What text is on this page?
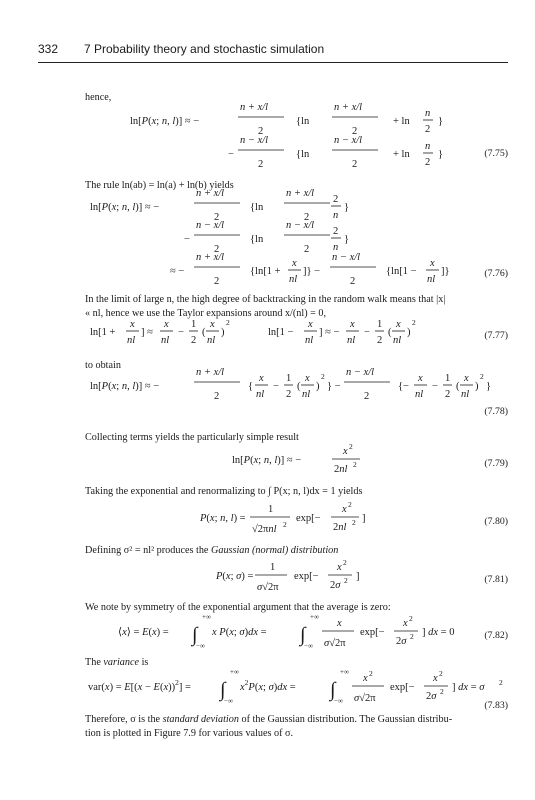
332 7 Probability theory and stochastic simulation
hence,
The rule ln(ab) = ln(a) + ln(b) yields
In the limit of large n, the high degree of backtracking in the random walk means that |x|
« nl, hence we use the Taylor expansions around x/(nl) = 0,
to obtain
Collecting terms yields the particularly simple result
Taking the exponential and renormalizing to ∫ P(x; n, l)dx = 1 yields
Defining σ² = nl² produces the Gaussian (normal) distribution
We note by symmetry of the exponential argument that the average is zero:
The variance is
Therefore, σ is the standard deviation of the Gaussian distribution. The Gaussian distribu-
tion is plotted in Figure 7.9 for various values of σ.
(7.75)
(7.76)
(7.77)
(7.78)
(7.79)
(7.80)
(7.81)
(7.82)
(7.83)
ln[P(x; n, l)] ≈ −
n + x/l
2
{ln
n + x/l
2
+ ln
n
2
}
−
n − x/l
2
{ln
n − x/l
2
+ ln
n
2
}
ln[P(x; n, l)] ≈ −
n + x/l
2
{ln
n + x/l
2
2
n
}
−
n − x/l
2
{ln
n − x/l
2
2
n
}
≈ −
n + x/l
2
{ln[1 +
x
nl
]} −
n − x/l
2
{ln[1 −
x
nl
]}
ln[1 +
x
nl
] ≈
x
nl
−
1
2
(
x
nl
)
2
ln[1 −
x
nl
] ≈ −
x
nl
−
1
2
(
x
nl
)
2
ln[P(x; n, l)] ≈ −
n + x/l
2
{
x
nl
−
1
2
(
x
nl
)
2
} −
n − x/l
2
{−
x
nl
−
1
2
(
x
nl
)
2
}
ln[P(x; n, l)] ≈ −
x 2
2nl 2
P(x; n, l) =
1
√2πnl 2
exp[−
x 2
2nl 2 ]
P(x; σ) =
1
σ√2π
exp[−
x 2
2σ 2 ]
⟨x⟩ = E(x) = ∫
+∞
−∞
x P(x; σ)dx = ∫
+∞
−∞
x
σ√2π
exp[−
x 2
2σ 2 ] dx = 0
$var(x) = E[(x - E(x))^2]$ = ∫
+∞
−∞
$x^2P(x$; σ)dx = ∫
+∞
−∞
x 2
σ√2π
exp[−
x 2
2σ 2 ] dx = σ 2
